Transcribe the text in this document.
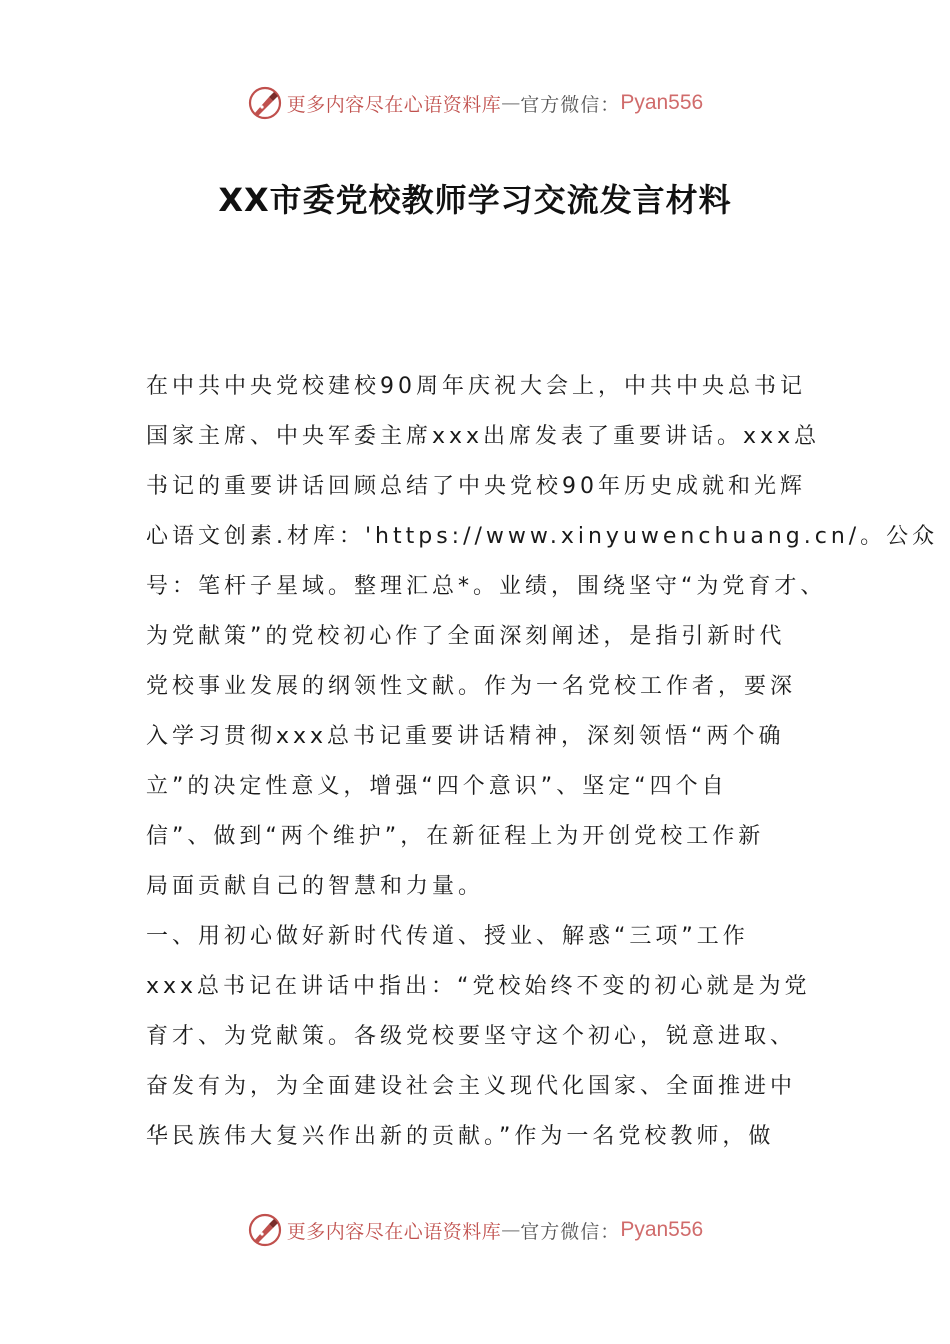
更多内容尽在心语资料库 — 官方微信： Pyan556
XX市委党校教师学习交流发言材料
在中共中央党校建校90周年庆祝大会上，中共中央总书记
国家主席、中央军委主席xxx出席发表了重要讲话。xxx总
书记的重要讲话回顾总结了中央党校90年历史成就和光辉
心语文创素.材库：'https://www.xinyuwenchuang.cn/。公众
号：笔杆子星域。整理汇总*。业绩，围绕坚守“为党育才、
为党献策”的党校初心作了全面深刻阐述，是指引新时代
党校事业发展的纲领性文献。作为一名党校工作者，要深
入学习贯彻xxx总书记重要讲话精神，深刻领悟“两个确
立”的决定性意义，增强“四个意识”、坚定“四个自
信”、做到“两个维护”，在新征程上为开创党校工作新
局面贡献自己的智慧和力量。
一、用初心做好新时代传道、授业、解惑“三项”工作
xxx总书记在讲话中指出：“党校始终不变的初心就是为党
育才、为党献策。各级党校要坚守这个初心，锐意进取、
奋发有为，为全面建设社会主义现代化国家、全面推进中
华民族伟大复兴作出新的贡献。”作为一名党校教师，做
更多内容尽在心语资料库 — 官方微信： Pyan556
